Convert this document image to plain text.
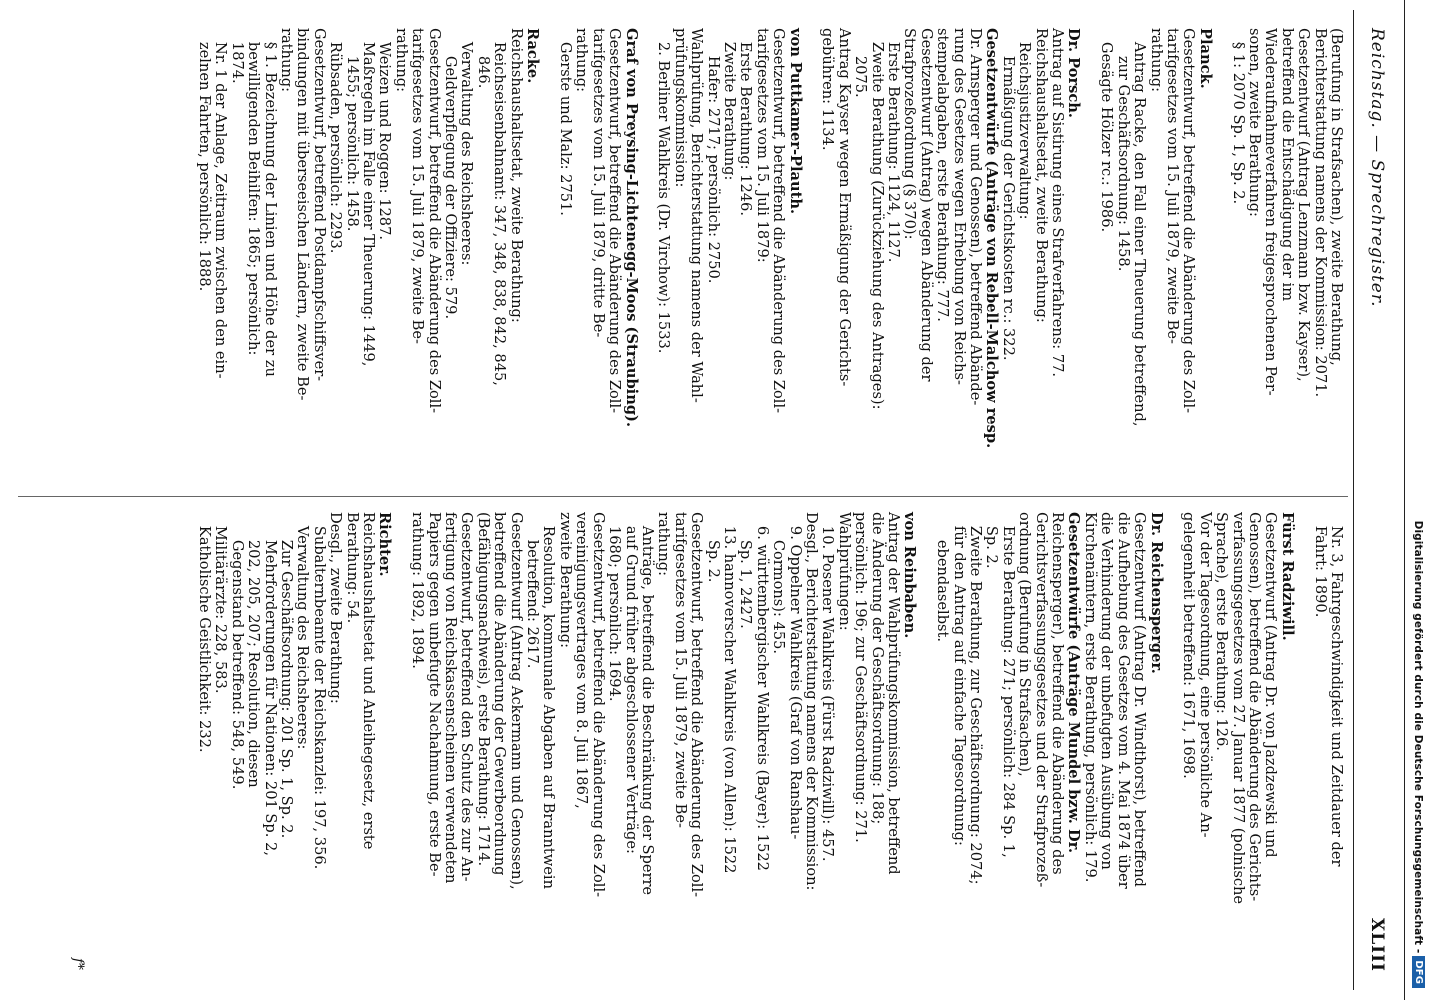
Digitalisierung gefördert durch die Deutsche Forschungsgemeinschaft -
DFG
Reichstag. — Sprechregister.
XLIII
(Berufung in Strafsachen), zweite Berathung,
Berichterstattung namens der Kommission: 2071.
Gesetzentwurf (Antrag Lenzmann bzw. Kayser),
betreffend die Entschädigung der im
Wiederaufnahmeverfahren freigesprochenen Per-
sonen, zweite Berathung:
§ 1: 2070 Sp. 1, Sp. 2.

Planck.
Gesetzentwurf, betreffend die Abänderung des Zoll-
tarifgesetzes vom 15. Juli 1879, zweite Be-
rathung:
Antrag Racke, den Fall einer Theuerung betreffend,
zur Geschäftsordnung: 1458.
Gesägte Hölzer rc.: 1986.

Dr. Porsch.
Antrag auf Sistirung eines Strafverfahrens: 77.
Reichshaushaltsetat, zweite Berathung:
Reichsjustizverwaltung:
Ermäßigung der Gerichtskosten rc.: 322.
Gesetzentwürfe (Anträge von Rebell-Malchow resp.
Dr. Arnsperger und Genossen), betreffend Abände-
rung des Gesetzes wegen Erhebung von Reichs-
stempelabgaben, erste Berathung: 777.
Gesetzentwurf (Antrag) wegen Abänderung der
Strafprozeßordnung (§ 370):
Erste Berathung: 1124, 1127.
Zweite Berathung (Zurückziehung des Antrages):
2075.
Antrag Kayser wegen Ermäßigung der Gerichts-
gebühren: 1134.

von Puttkamer-Plauth.
Gesetzentwurf, betreffend die Abänderung des Zoll-
tarifgesetzes vom 15. Juli 1879:
Erste Berathung: 1246.
Zweite Berathung:
Hafer: 2717; persönlich: 2750.
Wahlprüfung, Berichterstattung namens der Wahl-
prüfungskommission:
2. Berliner Wahlkreis (Dr. Virchow): 1533.

Graf von Preysing-Lichtenegg-Moos (Straubing).
Gesetzentwurf, betreffend die Abänderung des Zoll-
tarifgesetzes vom 15. Juli 1879, dritte Be-
rathung:
Gerste und Malz: 2751.

Racke.
Reichshaushaltsetat, zweite Berathung:
Reichseisenbahnamt: 347, 348, 838, 842, 845,
846.
Verwaltung des Reichsheeres:
Geldverpflegung der Offiziere: 579.
Gesetzentwurf, betreffend die Abänderung des Zoll-
tarifgesetzes vom 15. Juli 1879, zweite Be-
rathung:
Weizen und Roggen: 1287.
Maßregeln im Falle einer Theuerung: 1449,
1455; persönlich: 1458.
Rübsaden, persönlich: 2293.
Gesetzentwurf, betreffend Postdampfschiffsver-
bindungen mit überseeischen Ländern, zweite Be-
rathung:
§ 1. Bezeichnung der Linien und Höhe der zu
bewilligenden Beihilfen: 1865; persönlich:
1874.
Nr. 1 der Anlage, Zeitraum zwischen den ein-
zelnen Fahrten, persönlich: 1888.
Nr. 3, Fahrgeschwindigkeit und Zeitdauer der
Fahrt: 1890.

Fürst Radziwill.
Gesetzentwurf (Antrag Dr. von Jazdzewski und
Genossen), betreffend die Abänderung des Gerichts-
verfassungsgesetzes vom 27. Januar 1877 (polnische
Sprache), erste Berathung: 126.
Vor der Tagesordnung, eine persönliche An-
gelegenheit betreffend: 1671, 1698.

Dr. Reichensperger.
Gesetzentwurf (Antrag Dr. Windthorst), betreffend
die Aufhebung des Gesetzes vom 4. Mai 1874 über
die Verhinderung der unbefugten Ausübung von
Kirchenämtern, erste Berathung, persönlich: 179.
Gesetzentwürfe (Anträge Mundel bzw. Dr.
Reichensperger), betreffend die Abänderung des
Gerichtsverfassungsgesetzes und der Strafprozeß-
ordnung (Berufung in Strafsachen),
Erste Berathung: 271; persönlich: 284 Sp. 1,
Sp. 2.
Zweite Berathung, zur Geschäftsordnung: 2074;
für den Antrag auf einfache Tagesordnung:
ebendaselbst.

von Reinbaben.
Antrag der Wahlprüfungskommission, betreffend
die Änderung der Geschäftsordnung: 188;
persönlich: 196; zur Geschäftsordnung: 271.
Wahlprüfungen:
10. Posener Wahlkreis (Fürst Radziwill): 457.
Desgl., Berichterstattung namens der Kommission:
9. Oppelner Wahlkreis (Graf von Ranshau-
Cormons): 455.
6. württembergischer Wahlkreis (Bayer): 1522
Sp. 1, 2427.
13. hannoverscher Wahlkreis (von Allen): 1522
Sp. 2.
Gesetzentwurf, betreffend die Abänderung des Zoll-
tarifgesetzes vom 15. Juli 1879, zweite Be-
rathung:
Anträge, betreffend die Beschränkung der Sperre
auf Grund früher abgeschlossener Verträge:
1680; persönlich: 1694.
Gesetzentwurf, betreffend die Abänderung des Zoll-
vereinigungsvertrages vom 8. Juli 1867,
zweite Berathung:
Resolution, kommunale Abgaben auf Branntwein
betreffend: 2617.
Gesetzentwurf (Antrag Ackermann und Genossen),
betreffend die Abänderung der Gewerbeordnung
(Befähigungsnachweis), erste Berathung: 1714.
Gesetzentwurf, betreffend den Schutz des zur An-
fertigung von Reichskassenscheinen verwendeten
Papiers gegen unbefugte Nachahmung, erste Be-
rathung: 1892, 1894.

Richter.
Reichshaushaltsetat und Anleihegesetz, erste
Berathung: 54.
Desgl., zweite Berathung:
Subalternbeamte der Reichskanzlei: 197, 356.
Verwaltung des Reichsheeres:
Zur Geschäftsordnung: 201 Sp. 1, Sp. 2.
Mehrforderungen für Nationen: 201 Sp. 2,
202, 205, 207; Resolution, diesen
Gegenstand betreffend: 548, 549.
Militärärzte: 228, 583.
Katholische Geistlichkeit: 232.
f*
